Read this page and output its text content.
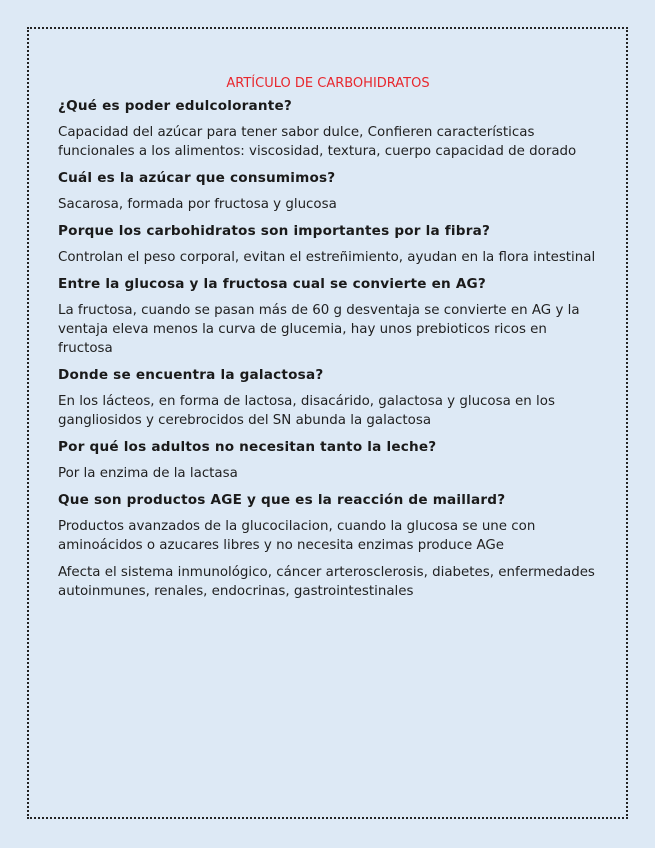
ARTÍCULO DE CARBOHIDRATOS
¿Qué es poder edulcolorante?
Capacidad del azúcar para tener sabor dulce, Confieren características funcionales a los alimentos: viscosidad, textura, cuerpo capacidad de dorado
Cuál es la azúcar que consumimos?
Sacarosa, formada por fructosa y glucosa
Porque los carbohidratos son importantes por la fibra?
Controlan el peso corporal, evitan el estreñimiento, ayudan en la flora intestinal
Entre la glucosa y la fructosa cual se convierte en AG?
La fructosa, cuando se pasan más de 60 g desventaja se convierte en AG y la ventaja eleva menos la curva de glucemia, hay unos prebioticos ricos en fructosa
Donde se encuentra la galactosa?
En los lácteos, en forma de lactosa, disacárido, galactosa y glucosa en los gangliosidos y cerebrocidos del SN abunda la galactosa
Por qué los adultos no necesitan tanto la leche?
Por la enzima de la lactasa
Que son productos AGE y que es la reacción de maillard?
Productos avanzados de la glucocilacion, cuando la glucosa se une con aminoácidos o azucares libres y no necesita enzimas produce AGe
Afecta el sistema inmunológico, cáncer arterosclerosis, diabetes, enfermedades autoinmunes, renales, endocrinas, gastrointestinales
